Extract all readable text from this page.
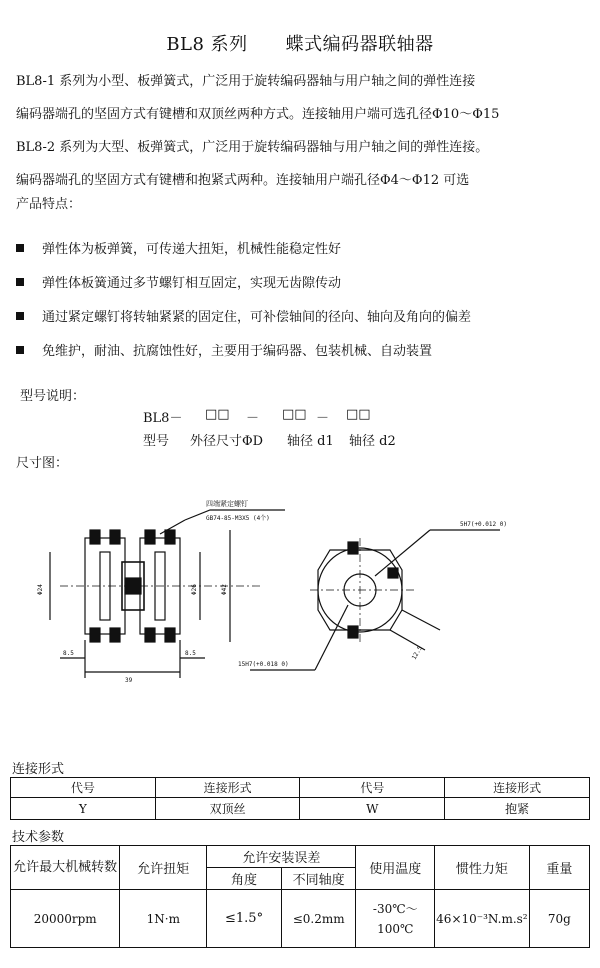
BL8 系列 蝶式编码器联轴器
BL8-1 系列为小型、板弹簧式，广泛用于旋转编码器轴与用户轴之间的弹性连接
编码器端孔的坚固方式有键槽和双顶丝两种方式。连接轴用户端可选孔径Φ10～Φ15
BL8-2 系列为大型、板弹簧式，广泛用于旋转编码器轴与用户轴之间的弹性连接。
编码器端孔的坚固方式有键槽和抱紧式两种。连接轴用户端孔径Φ4～Φ12 可选
产品特点：
弹性体为板弹簧，可传递大扭矩，机械性能稳定性好
弹性体板簧通过多节螺钉相互固定，实现无齿隙传动
通过紧定螺钉将转轴紧紧的固定住，可补偿轴间的径向、轴向及角向的偏差
免维护，耐油、抗腐蚀性好，主要用于编码器、包装机械、自动装置
型号说明：
BL8－ □□ － □□ － □□
型号 外径尺寸ΦD 轴径 d1 轴径 d2
尺寸图：
四端紧定螺钉
GB74-85-M3X5 (4个)
Φ24	Φ26	Φ42
8.5	8.5
39
5H7(+0.012 0)
15H7(+0.018 0)
12.5
连接形式
代号	连接形式	代号	连接形式
Y	双顶丝	W	抱紧
技术参数
允许最大机械转数	允许扭矩	允许安装误差		使用温度	惯性力矩	重量
		角度	不同轴度			
20000rpm	1N·m	≤1.5°	≤0.2mm	-30℃～100℃	46×10⁻³N.m.s²	70g
